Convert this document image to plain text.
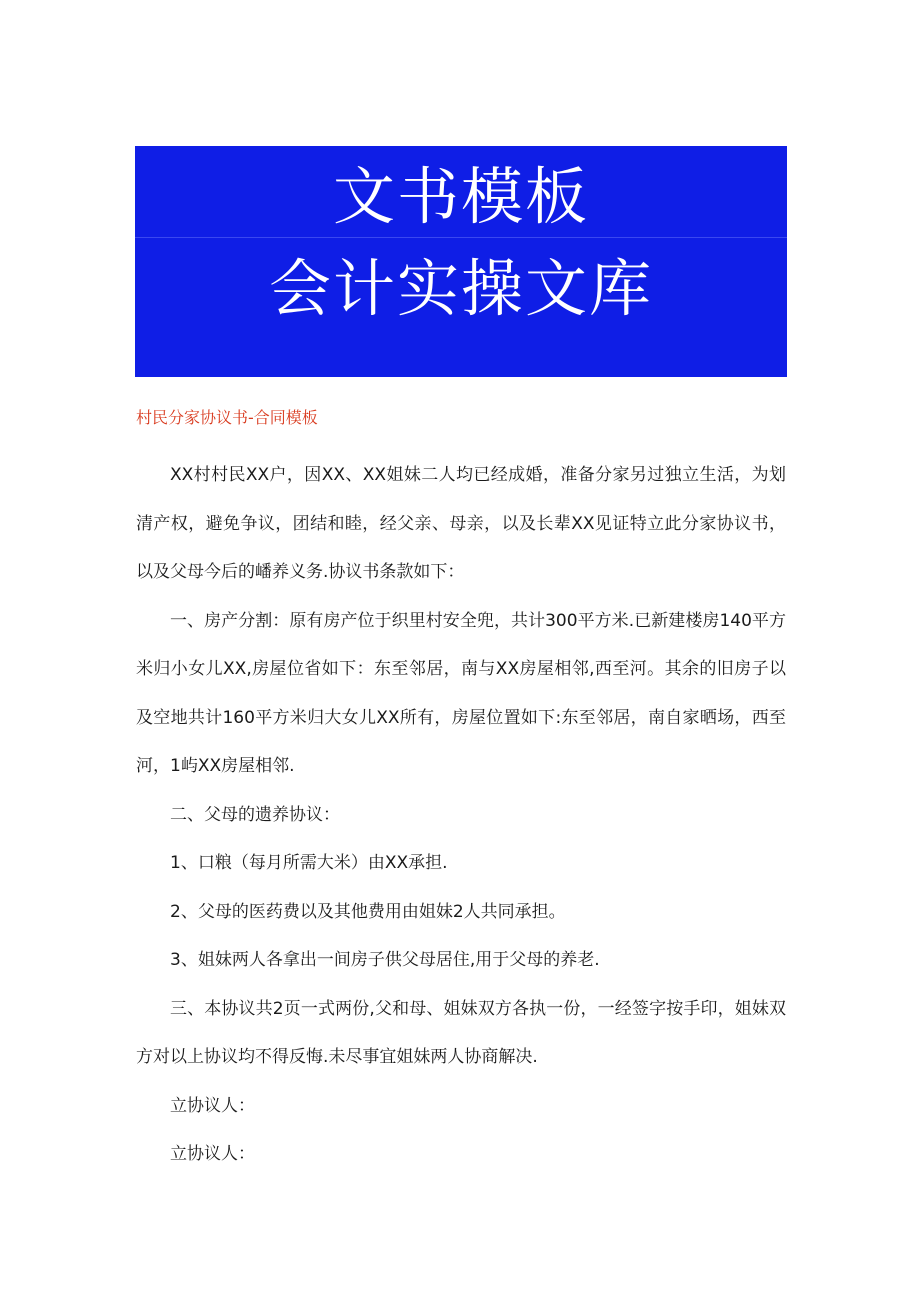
文书模板
会计实操文库
村民分家协议书-合同模板

XX村村民XX户，因XX、XX姐妹二人均已经成婚，准备分家另过独立生活，为划清产权，避免争议，团结和睦，经父亲、母亲，以及长辈XX见证特立此分家协议书，以及父母今后的嶓养义务.协议书条款如下：

一、房产分割：原有房产位于织里村安全兜，共计300平方米.已新建楼房140平方米归小女儿XX,房屋位省如下：东至邻居，南与XX房屋相邻,西至河。其余的旧房子以及空地共计160平方米归大女儿XX所有，房屋位置如下:东至邻居，南自家晒场，西至河，1屿XX房屋相邻.

二、父母的遗养协议：

1、口粮（每月所需大米）由XX承担.

2、父母的医药费以及其他费用由姐妹2人共同承担。

3、姐妹两人各拿出一间房子供父母居住,用于父母的养老.

三、本协议共2页一式两份,父和母、姐妹双方各执一份，一经签字按手印，姐妹双方对以上协议均不得反悔.未尽事宜姐妹两人协商解决.

立协议人：

立协议人：
